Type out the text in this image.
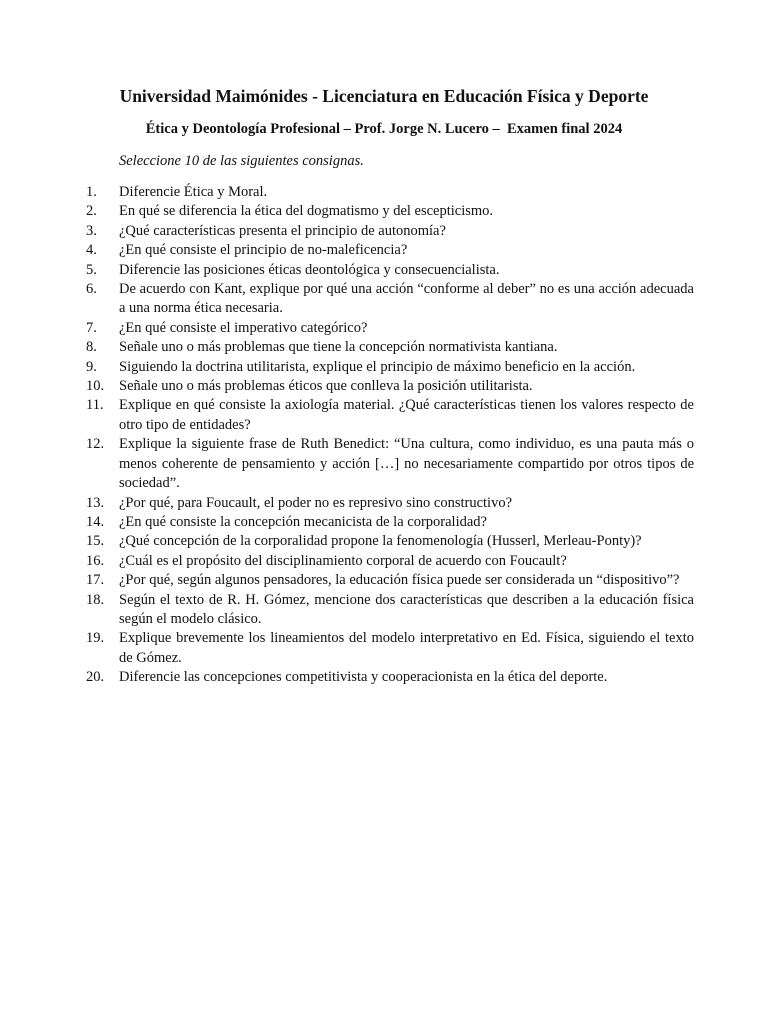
Universidad Maimónides - Licenciatura en Educación Física y Deporte
Ética y Deontología Profesional – Prof. Jorge N. Lucero –  Examen final 2024
Seleccione 10 de las siguientes consignas.
1.	Diferencie Ética y Moral.
2.	En qué se diferencia la ética del dogmatismo y del escepticismo.
3.	¿Qué características presenta el principio de autonomía?
4.	¿En qué consiste el principio de no-maleficencia?
5.	Diferencie las posiciones éticas deontológica y consecuencialista.
6.	De acuerdo con Kant, explique por qué una acción “conforme al deber” no es una acción adecuada a una norma ética necesaria.
7.	¿En qué consiste el imperativo categórico?
8.	Señale uno o más problemas que tiene la concepción normativista kantiana.
9.	Siguiendo la doctrina utilitarista, explique el principio de máximo beneficio en la acción.
10.	Señale uno o más problemas éticos que conlleva la posición utilitarista.
11.	Explique en qué consiste la axiología material. ¿Qué características tienen los valores respecto de otro tipo de entidades?
12.	Explique la siguiente frase de Ruth Benedict: “Una cultura, como individuo, es una pauta más o menos coherente de pensamiento y acción […] no necesariamente compartido por otros tipos de sociedad”.
13.	¿Por qué, para Foucault, el poder no es represivo sino constructivo?
14.	¿En qué consiste la concepción mecanicista de la corporalidad?
15.	¿Qué concepción de la corporalidad propone la fenomenología (Husserl, Merleau-Ponty)?
16.	¿Cuál es el propósito del disciplinamiento corporal de acuerdo con Foucault?
17.	¿Por qué, según algunos pensadores, la educación física puede ser considerada un “dispositivo”?
18.	Según el texto de R. H. Gómez, mencione dos características que describen a la educación física según el modelo clásico.
19.	Explique brevemente los lineamientos del modelo interpretativo en Ed. Física, siguiendo el texto de Gómez.
20.	Diferencie las concepciones competitivista y cooperacionista en la ética del deporte.
